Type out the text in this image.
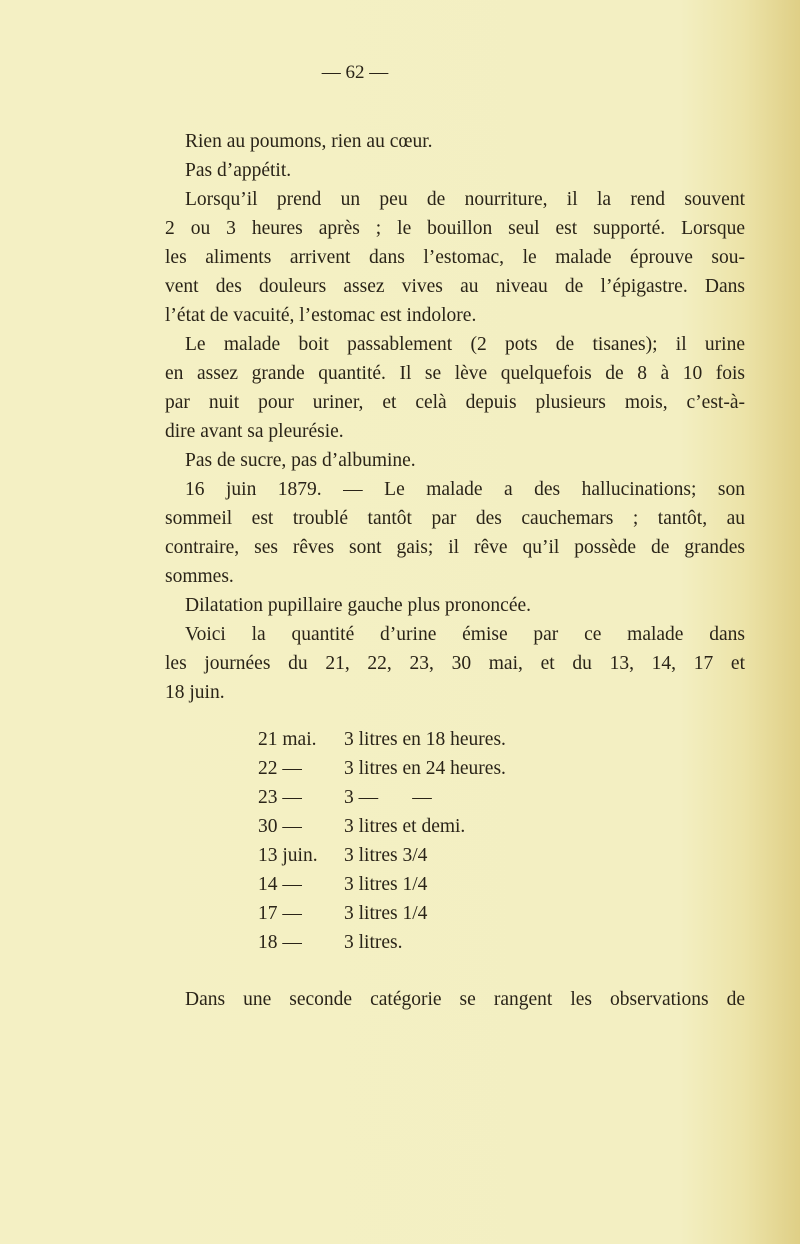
— 62 —
Rien au poumons, rien au cœur.
Pas d’appétit.
Lorsqu’il prend un peu de nourriture, il la rend souvent
2 ou 3 heures après ; le bouillon seul est supporté. Lorsque
les aliments arrivent dans l’estomac, le malade éprouve sou-
vent des douleurs assez vives au niveau de l’épigastre. Dans
l’état de vacuité, l’estomac est indolore.
Le malade boit passablement (2 pots de tisanes); il urine
en assez grande quantité. Il se lève quelquefois de 8 à 10 fois
par nuit pour uriner, et celà depuis plusieurs mois, c’est-à-
dire avant sa pleurésie.
Pas de sucre, pas d’albumine.
16 juin 1879. — Le malade a des hallucinations; son
sommeil est troublé tantôt par des cauchemars ; tantôt, au
contraire, ses rêves sont gais; il rêve qu’il possède de grandes
sommes.
Dilatation pupillaire gauche plus prononcée.
Voici la quantité d’urine émise par ce malade dans
les journées du 21, 22, 23, 30 mai, et du 13, 14, 17 et
18 juin.
21 mai.	3 litres en 18 heures.
22 —	3 litres en 24 heures.
23 —	3 —       —
30 —	3 litres et demi.
13 juin.	3 litres 3/4
14 —	3 litres 1/4
17 —	3 litres 1/4
18 —	3 litres.
Dans une seconde catégorie se rangent les observations de
